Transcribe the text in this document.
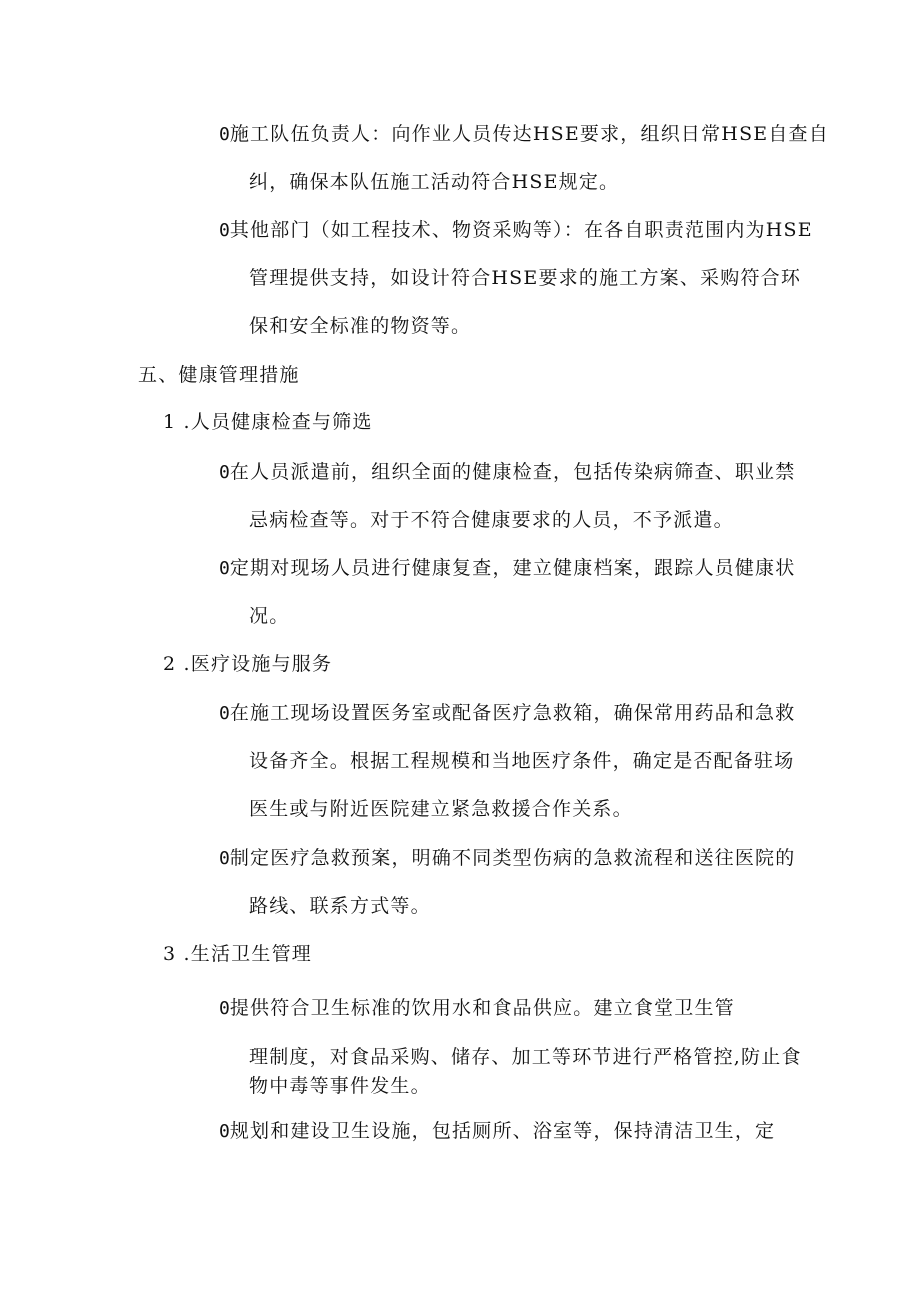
0施工队伍负责人：向作业人员传达HSE要求，组织日常HSE自查自
纠，确保本队伍施工活动符合HSE规定。
0其他部门（如工程技术、物资采购等）：在各自职责范围内为HSE
管理提供支持，如设计符合HSE要求的施工方案、采购符合环
保和安全标准的物资等。
五、健康管理措施
1 .人员健康检查与筛选
0在人员派遣前，组织全面的健康检查，包括传染病筛查、职业禁
忌病检查等。对于不符合健康要求的人员，不予派遣。
0定期对现场人员进行健康复查，建立健康档案，跟踪人员健康状
况。
2 .医疗设施与服务
0在施工现场设置医务室或配备医疗急救箱，确保常用药品和急救
设备齐全。根据工程规模和当地医疗条件，确定是否配备驻场
医生或与附近医院建立紧急救援合作关系。
0制定医疗急救预案，明确不同类型伤病的急救流程和送往医院的
路线、联系方式等。
3 .生活卫生管理
0提供符合卫生标准的饮用水和食品供应。建立食堂卫生管
理制度，对食品采购、储存、加工等环节进行严格管控,防止食
物中毒等事件发生。
0规划和建设卫生设施，包括厕所、浴室等，保持清洁卫生，定
